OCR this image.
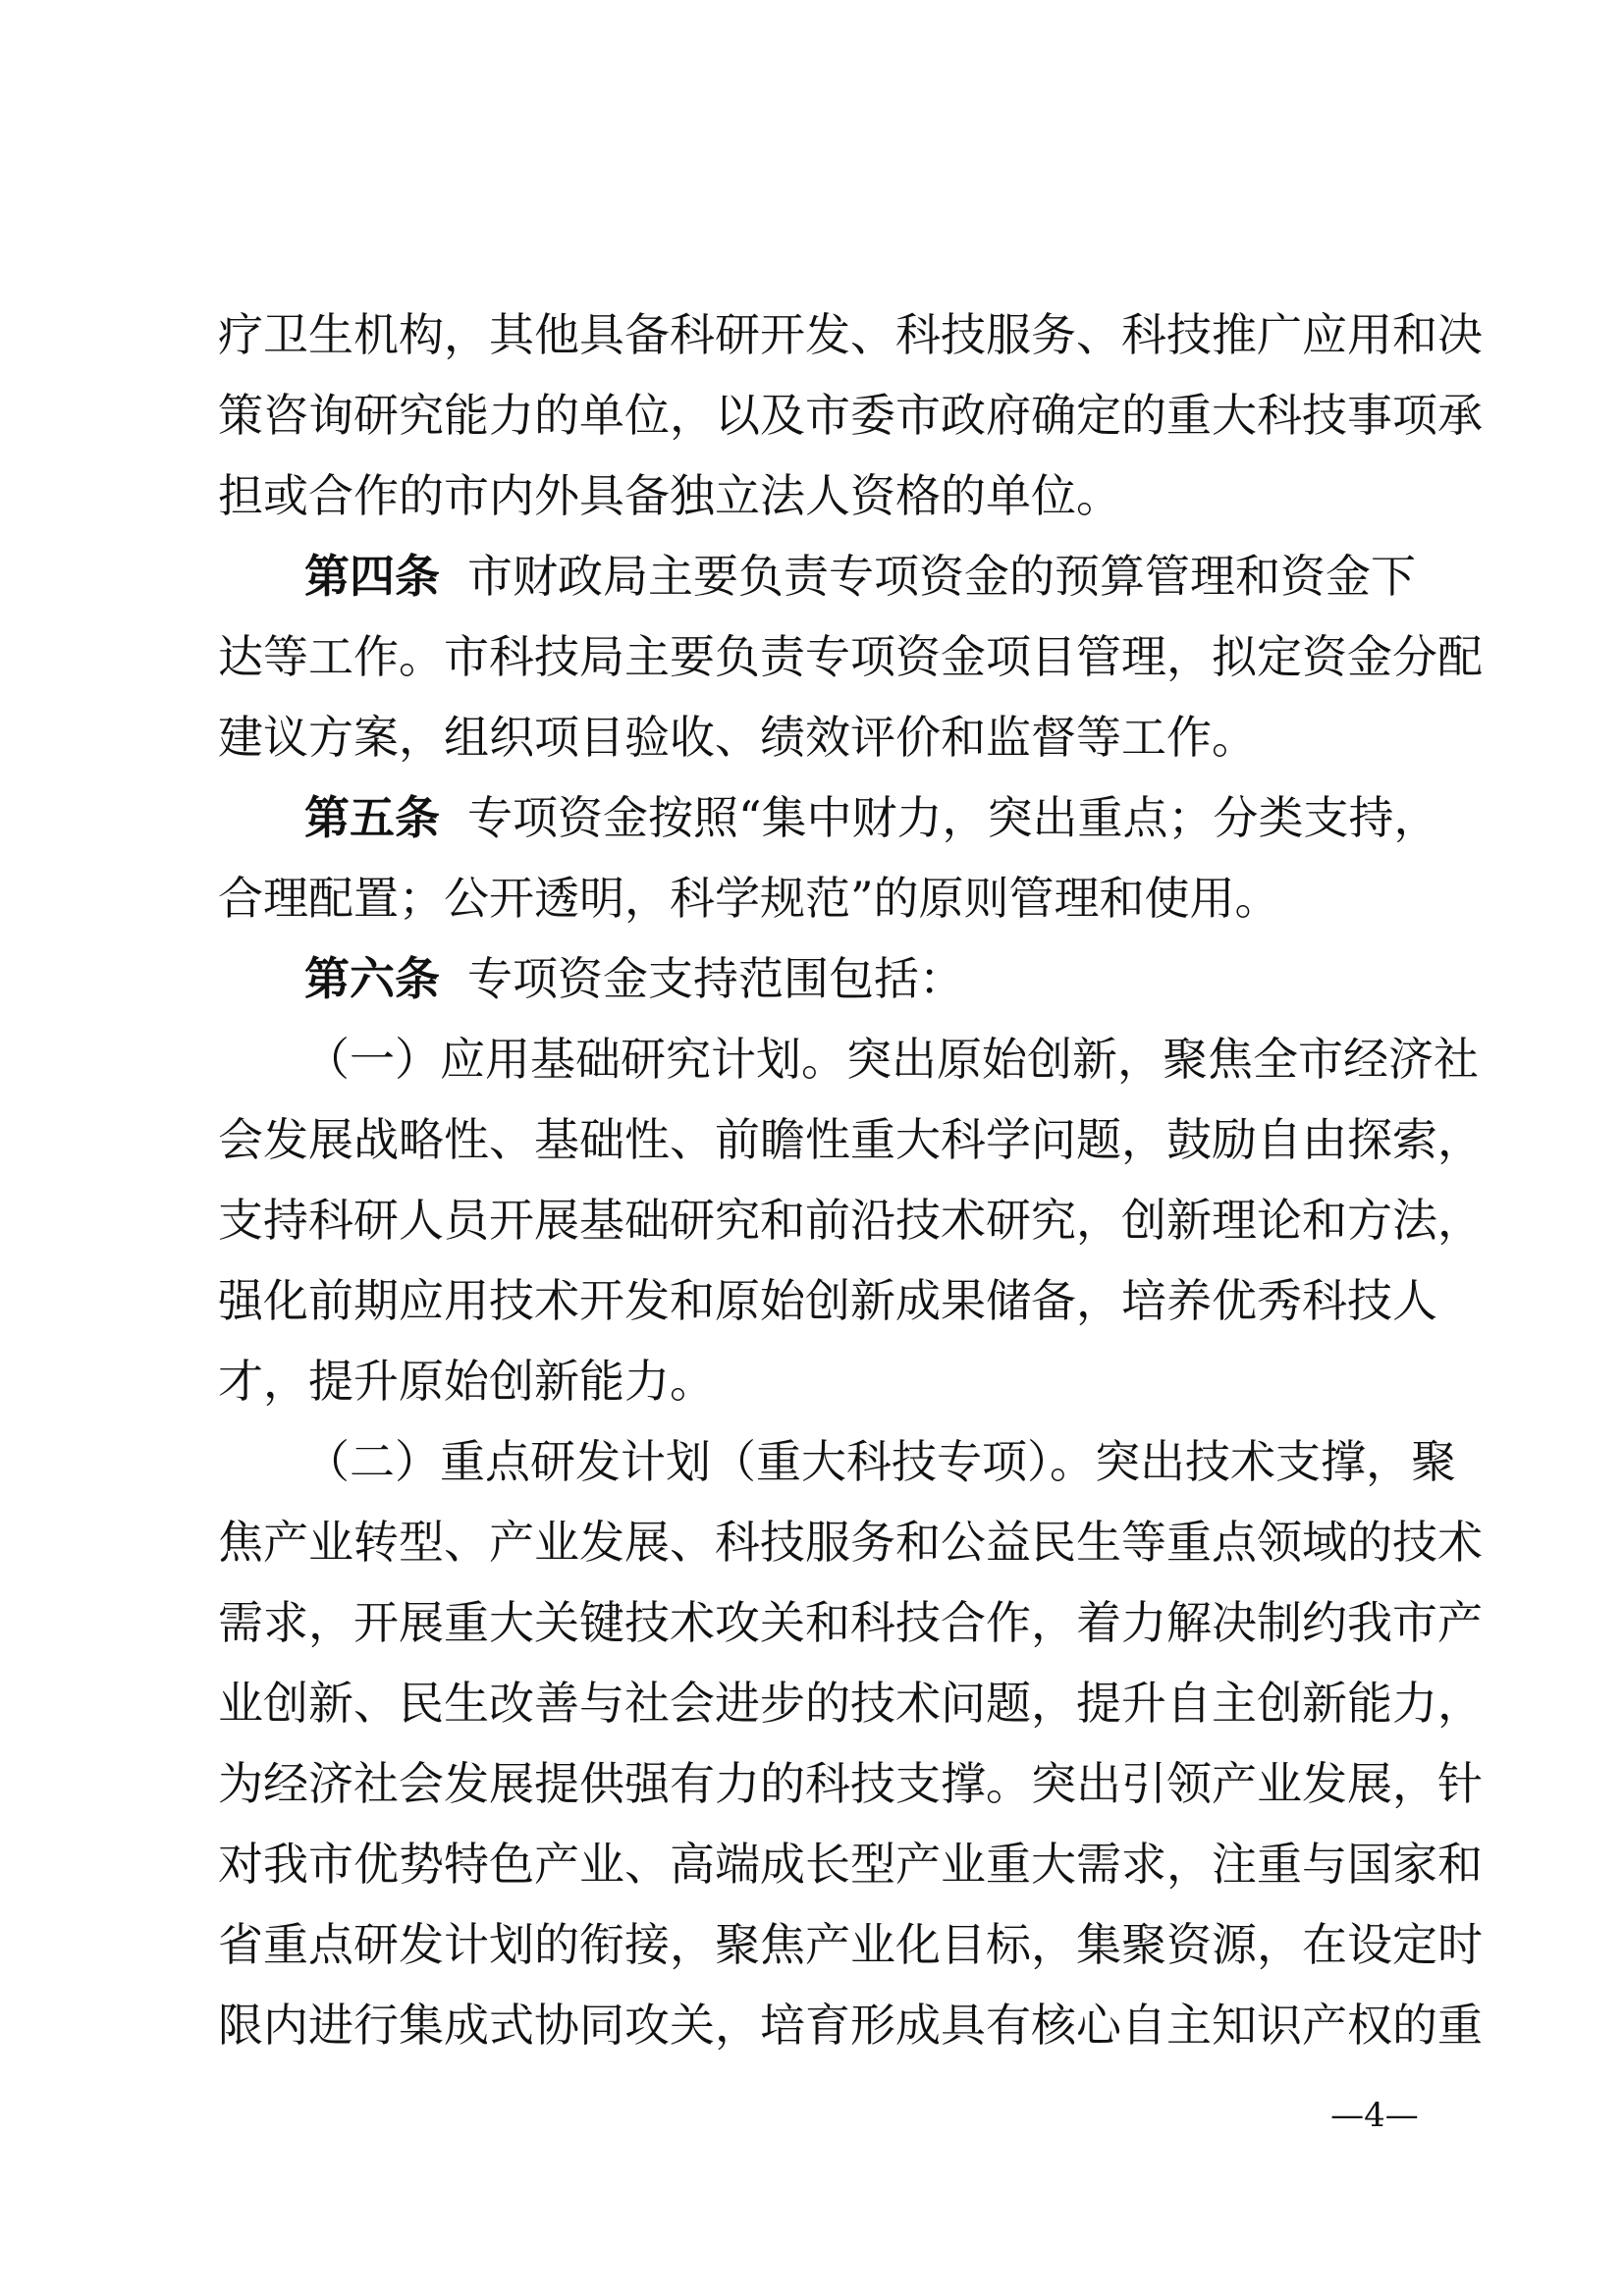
疗卫生机构，其他具备科研开发、科技服务、科技推广应用和决
策咨询研究能力的单位，以及市委市政府确定的重大科技事项承
担或合作的市内外具备独立法人资格的单位。
第四条 市财政局主要负责专项资金的预算管理和资金下
达等工作。市科技局主要负责专项资金项目管理，拟定资金分配
建议方案，组织项目验收、绩效评价和监督等工作。
第五条 专项资金按照“集中财力，突出重点；分类支持，
合理配置；公开透明，科学规范”的原则管理和使用。
第六条 专项资金支持范围包括：
（一）应用基础研究计划。突出原始创新，聚焦全市经济社
会发展战略性、基础性、前瞻性重大科学问题，鼓励自由探索，
支持科研人员开展基础研究和前沿技术研究，创新理论和方法，
强化前期应用技术开发和原始创新成果储备，培养优秀科技人
才，提升原始创新能力。
（二）重点研发计划（重大科技专项）。突出技术支撑，聚
焦产业转型、产业发展、科技服务和公益民生等重点领域的技术
需求，开展重大关键技术攻关和科技合作，着力解决制约我市产
业创新、民生改善与社会进步的技术问题，提升自主创新能力，
为经济社会发展提供强有力的科技支撑。突出引领产业发展，针
对我市优势特色产业、高端成长型产业重大需求，注重与国家和
省重点研发计划的衔接，聚焦产业化目标，集聚资源，在设定时
限内进行集成式协同攻关，培育形成具有核心自主知识产权的重
—4—
